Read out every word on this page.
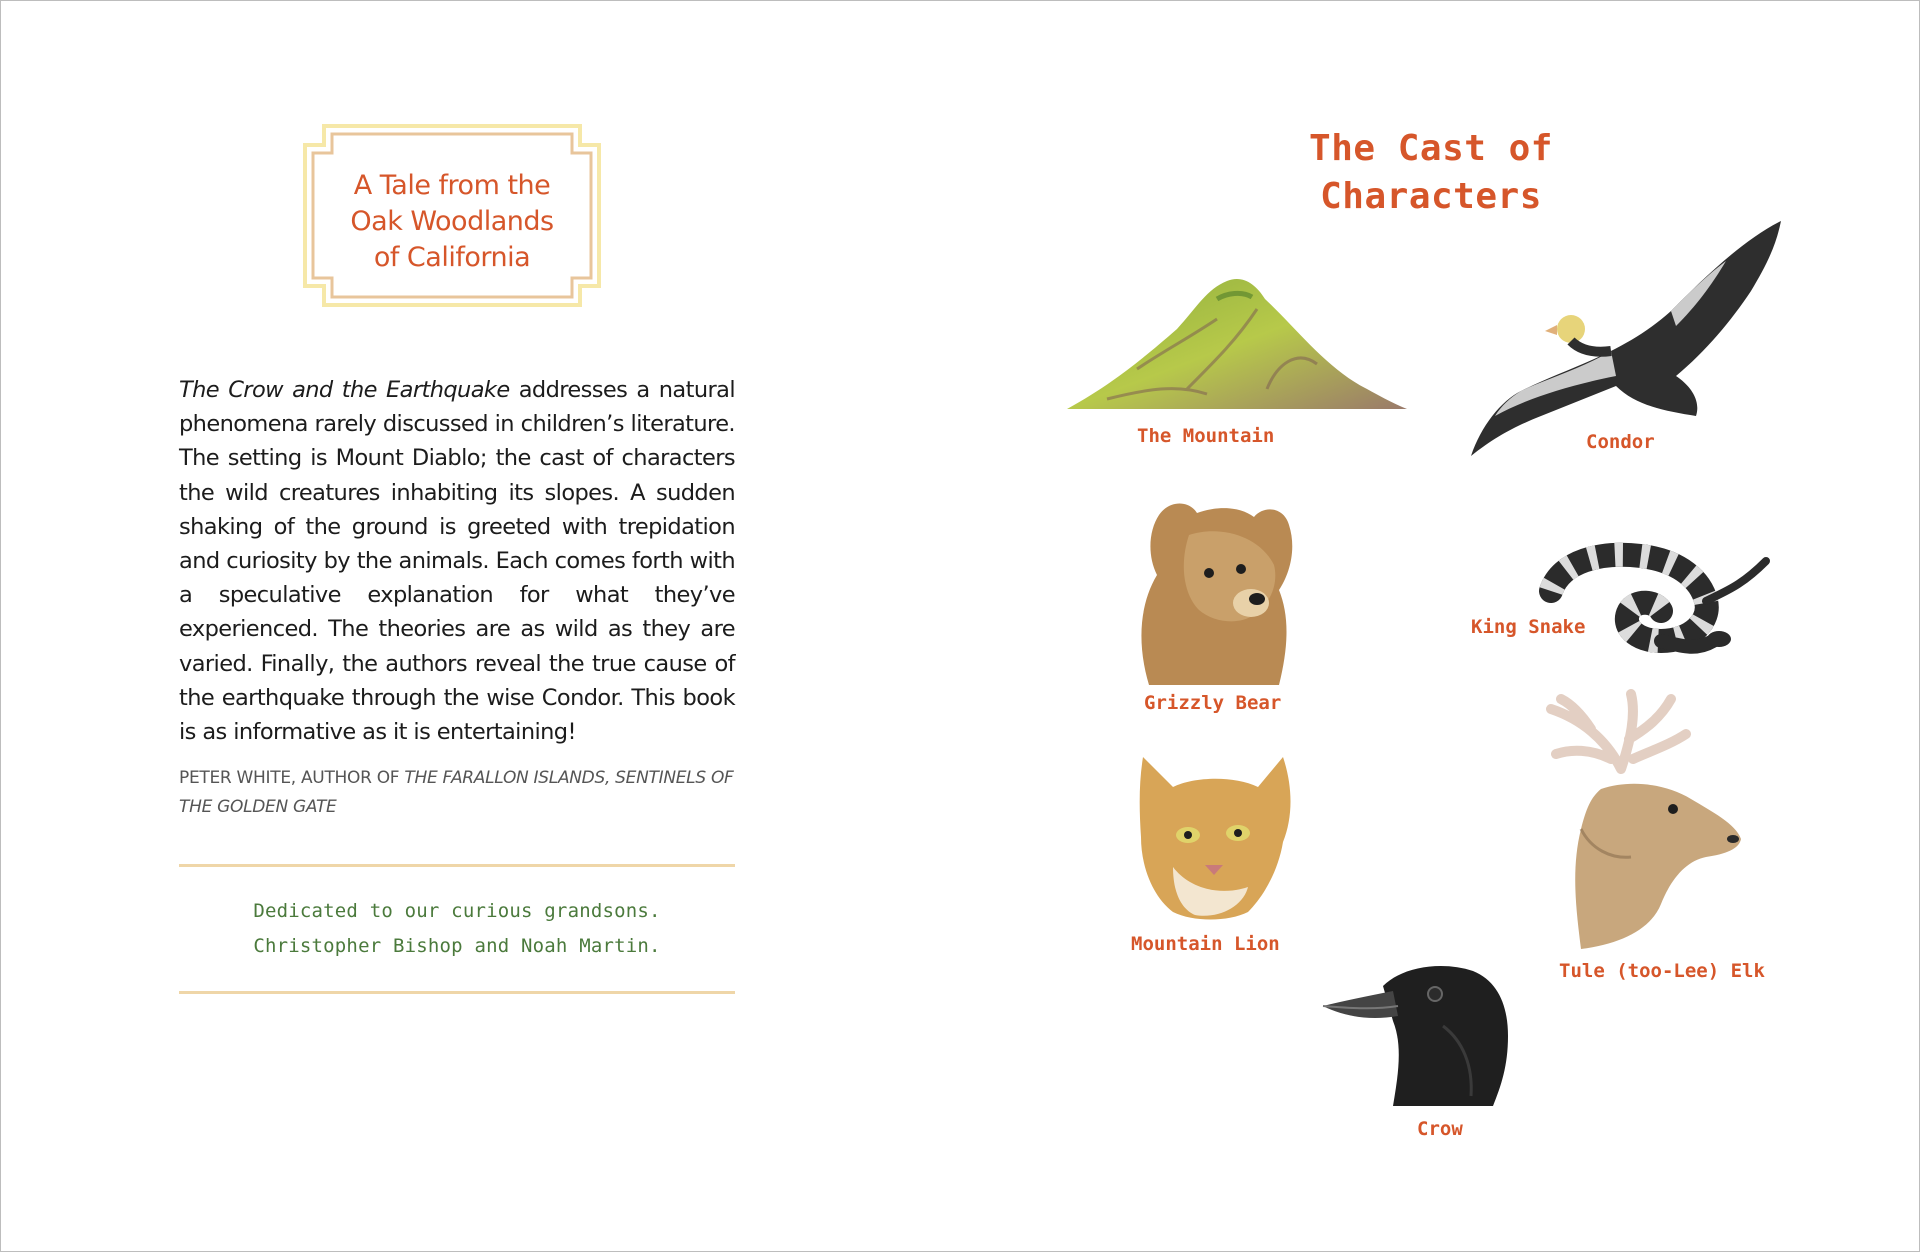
A Tale from the
Oak Woodlands
of California
The Crow and the Earthquake addresses a natural phenomena rarely discussed in children’s literature. The setting is Mount Diablo; the cast of characters the wild creatures inhabiting its slopes. A sudden shaking of the ground is greeted with trepidation and curiosity by the animals. Each comes forth with a speculative explanation for what they’ve experienced. The theories are as wild as they are varied. Finally, the authors reveal the true cause of the earthquake through the wise Condor. This book is as informative as it is entertaining!
PETER WHITE, AUTHOR OF THE FARALLON ISLANDS, SENTINELS OF THE GOLDEN GATE
Dedicated to our curious grandsons.
Christopher Bishop and Noah Martin.
The Cast of Characters
The Mountain	Condor
Grizzly Bear
King Snake
Tule (too-Lee) Elk
Mountain Lion
Crow
